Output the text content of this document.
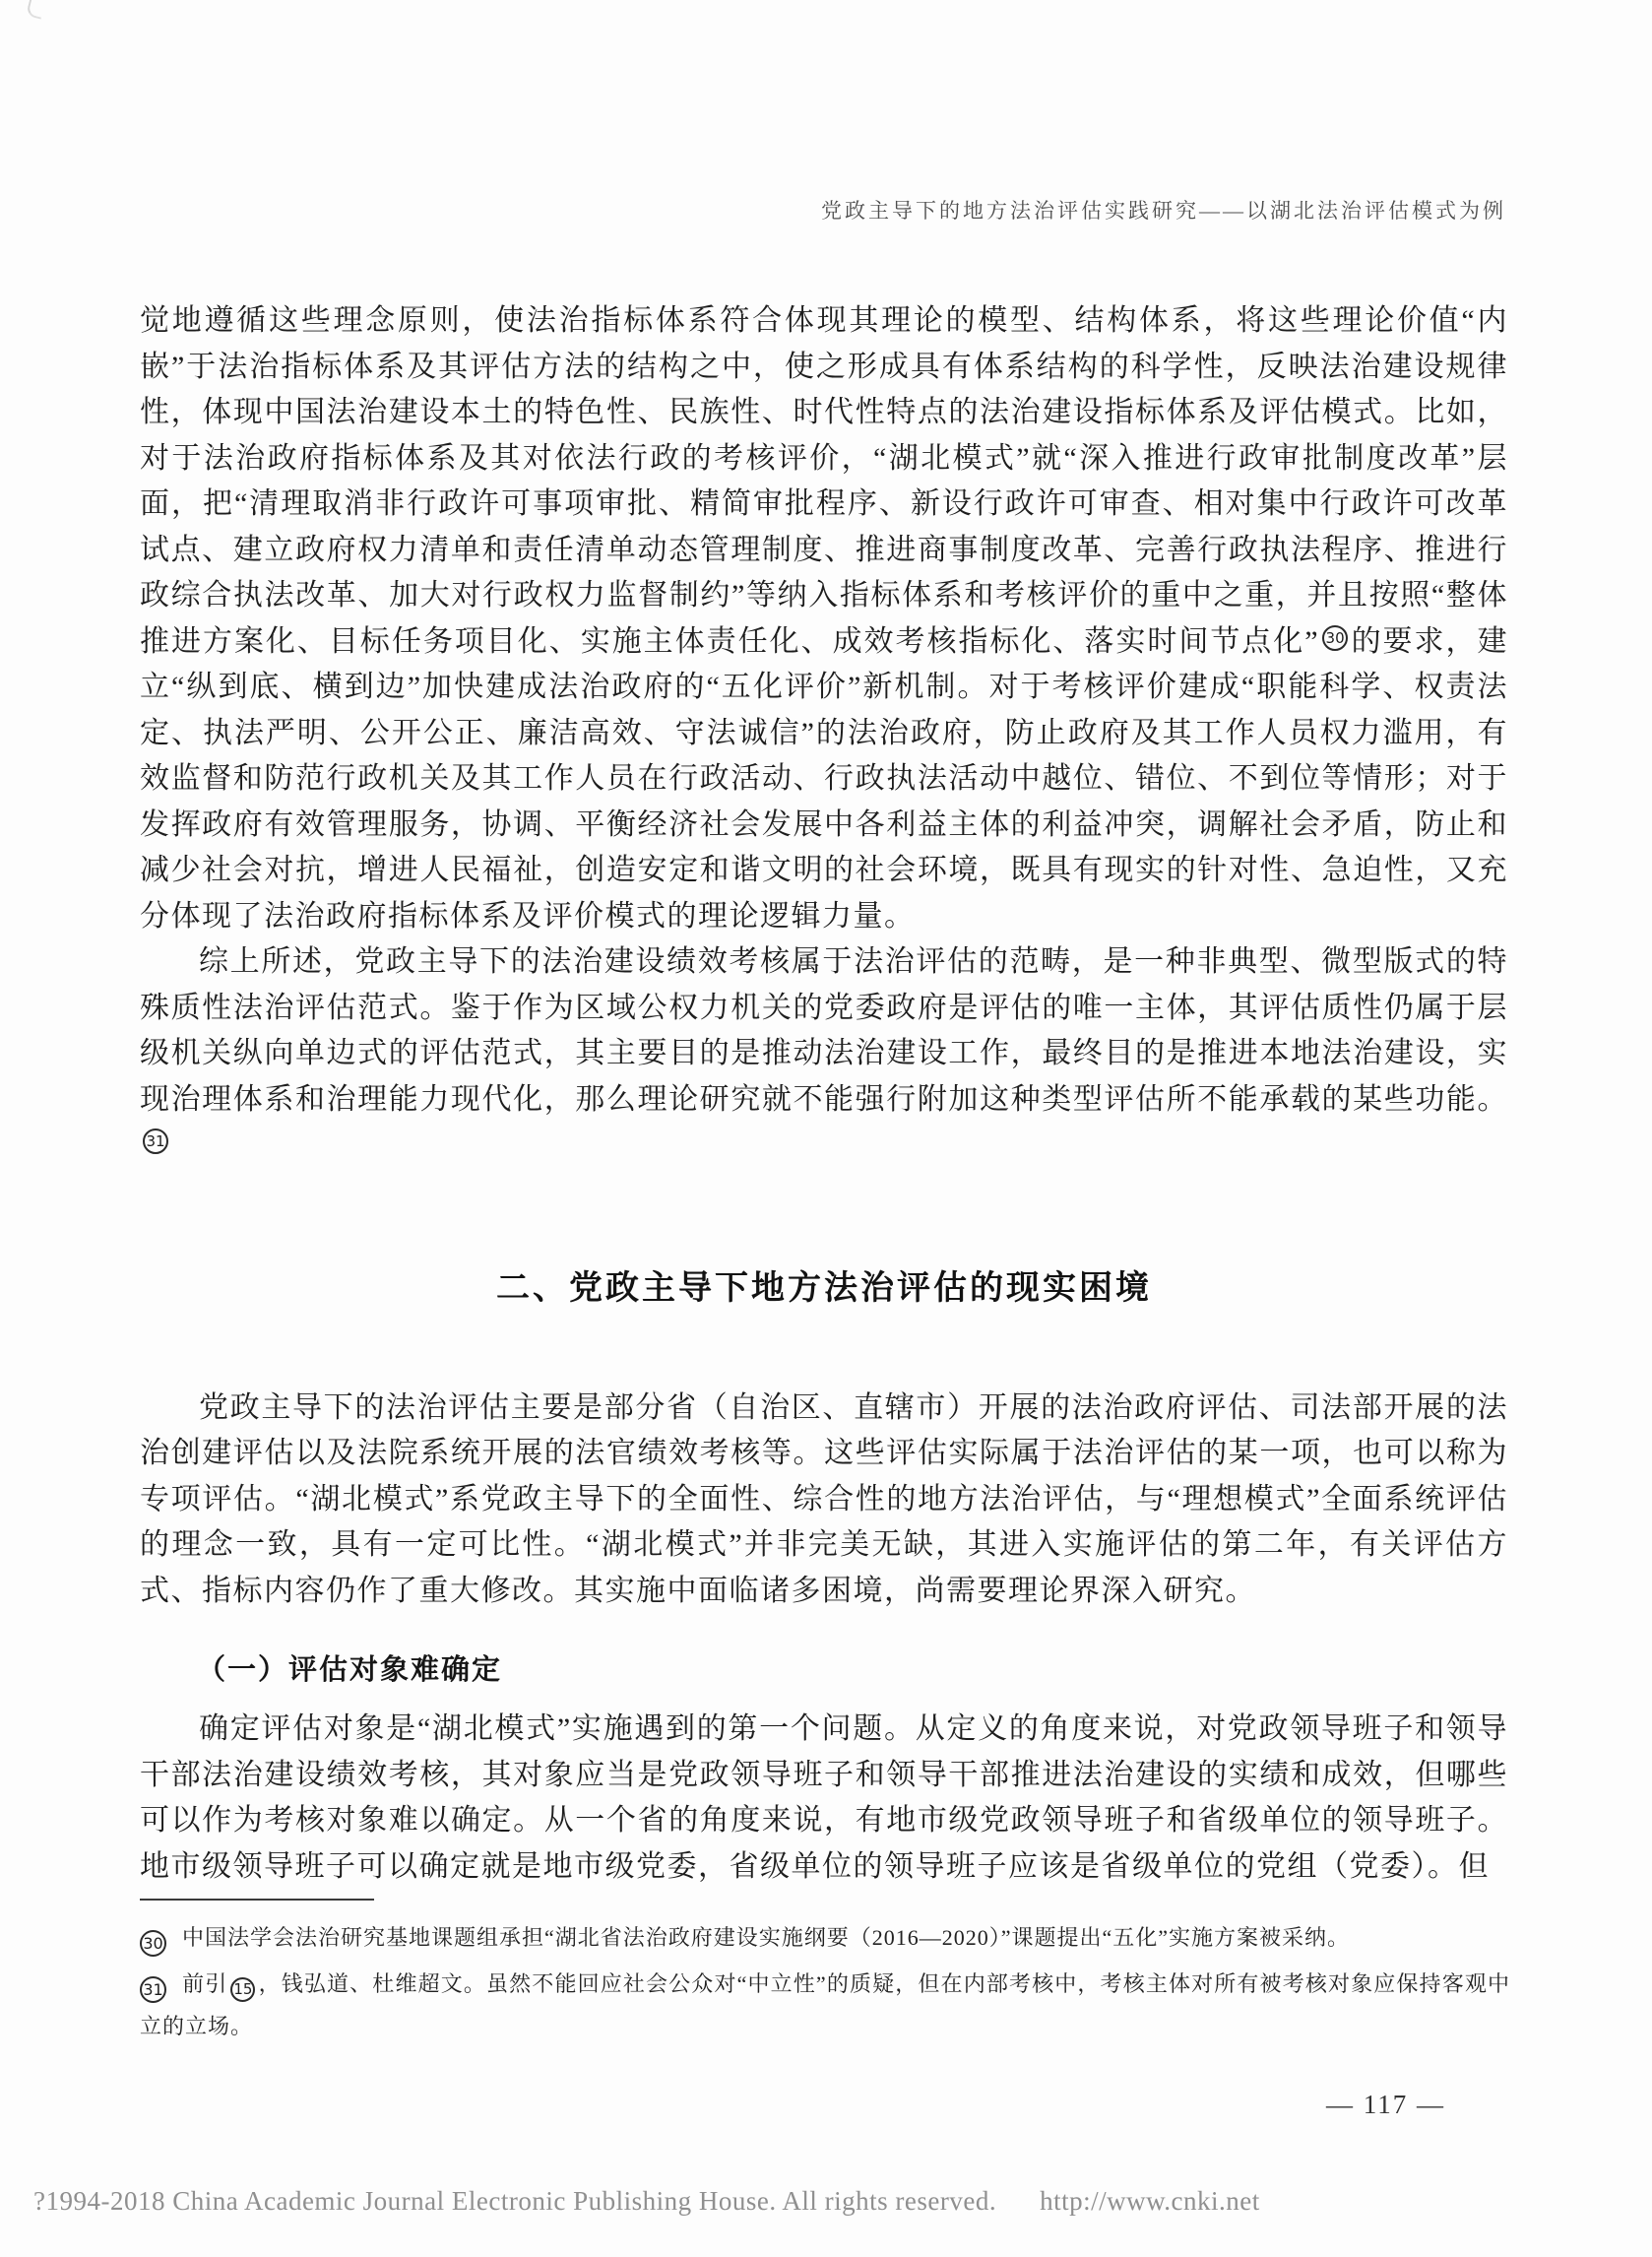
党政主导下的地方法治评估实践研究——以湖北法治评估模式为例

觉地遵循这些理念原则，使法治指标体系符合体现其理论的模型、结构体系，将这些理论价值“内嵌”于法治指标体系及其评估方法的结构之中，使之形成具有体系结构的科学性，反映法治建设规律性，体现中国法治建设本土的特色性、民族性、时代性特点的法治建设指标体系及评估模式。比如，对于法治政府指标体系及其对依法行政的考核评价，“湖北模式”就“深入推进行政审批制度改革”层面，把“清理取消非行政许可事项审批、精简审批程序、新设行政许可审查、相对集中行政许可改革试点、建立政府权力清单和责任清单动态管理制度、推进商事制度改革、完善行政执法程序、推进行政综合执法改革、加大对行政权力监督制约”等纳入指标体系和考核评价的重中之重，并且按照“整体推进方案化、目标任务项目化、实施主体责任化、成效考核指标化、落实时间节点化” 30 的要求，建立“纵到底、横到边”加快建成法治政府的“五化评价”新机制。对于考核评价建成“职能科学、权责法定、执法严明、公开公正、廉洁高效、守法诚信”的法治政府，防止政府及其工作人员权力滥用，有效监督和防范行政机关及其工作人员在行政活动、行政执法活动中越位、错位、不到位等情形；对于发挥政府有效管理服务，协调、平衡经济社会发展中各利益主体的利益冲突，调解社会矛盾，防止和减少社会对抗，增进人民福祉，创造安定和谐文明的社会环境，既具有现实的针对性、急迫性，又充分体现了法治政府指标体系及评价模式的理论逻辑力量。

综上所述，党政主导下的法治建设绩效考核属于法治评估的范畴，是一种非典型、微型版式的特殊质性法治评估范式。鉴于作为区域公权力机关的党委政府是评估的唯一主体，其评估质性仍属于层级机关纵向单边式的评估范式，其主要目的是推动法治建设工作，最终目的是推进本地法治建设，实现治理体系和治理能力现代化，那么理论研究就不能强行附加这种类型评估所不能承载的某些功能。31

二、党政主导下地方法治评估的现实困境

党政主导下的法治评估主要是部分省（自治区、直辖市）开展的法治政府评估、司法部开展的法治创建评估以及法院系统开展的法官绩效考核等。这些评估实际属于法治评估的某一项，也可以称为专项评估。“湖北模式”系党政主导下的全面性、综合性的地方法治评估，与“理想模式”全面系统评估的理念一致，具有一定可比性。“湖北模式”并非完美无缺，其进入实施评估的第二年，有关评估方式、指标内容仍作了重大修改。其实施中面临诸多困境，尚需要理论界深入研究。

（一）评估对象难确定

确定评估对象是“湖北模式”实施遇到的第一个问题。从定义的角度来说，对党政领导班子和领导干部法治建设绩效考核，其对象应当是党政领导班子和领导干部推进法治建设的实绩和成效，但哪些可以作为考核对象难以确定。从一个省的角度来说，有地市级党政领导班子和省级单位的领导班子。地市级领导班子可以确定就是地市级党委，省级单位的领导班子应该是省级单位的党组（党委）。但

30 中国法学会法治研究基地课题组承担“湖北省法治政府建设实施纲要（2016—2020）”课题提出“五化”实施方案被采纳。
31 前引 15 ，钱弘道、杜维超文。虽然不能回应社会公众对“中立性”的质疑，但在内部考核中，考核主体对所有被考核对象应保持客观中立的立场。
— 117 —
?1994-2018 China Academic Journal Electronic Publishing House. All rights reserved. http://www.cnki.net
